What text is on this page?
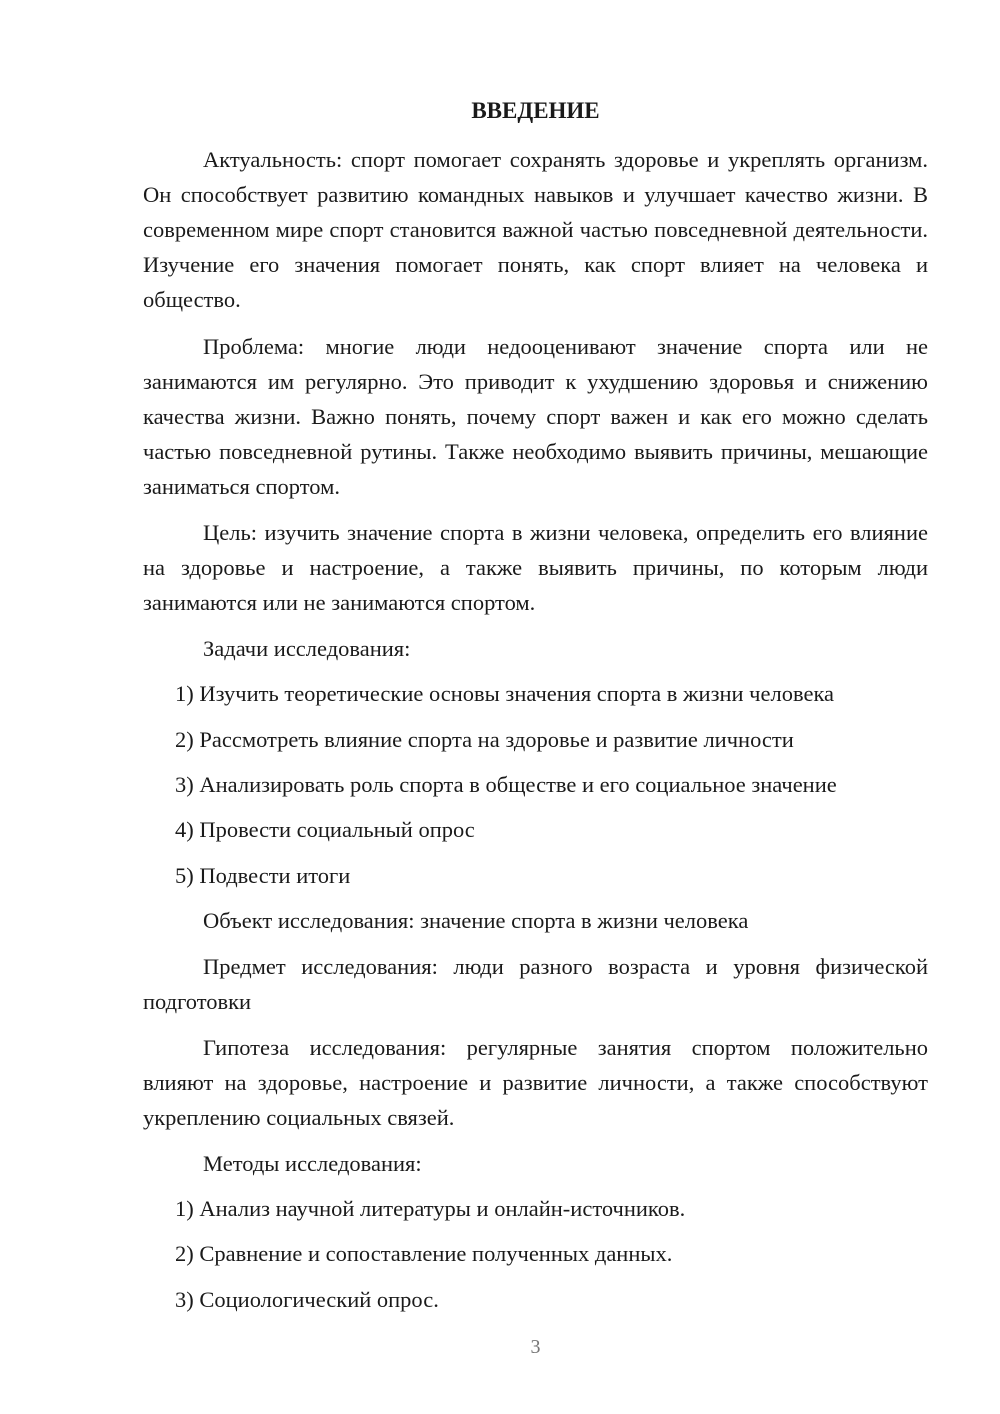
ВВЕДЕНИЕ

Актуальность: спорт помогает сохранять здоровье и укреплять организм. Он способствует развитию командных навыков и улучшает качество жизни. В современном мире спорт становится важной частью повседневной деятельности. Изучение его значения помогает понять, как спорт влияет на человека и общество.

Проблема: многие люди недооценивают значение спорта или не занимаются им регулярно. Это приводит к ухудшению здоровья и снижению качества жизни. Важно понять, почему спорт важен и как его можно сделать частью повседневной рутины. Также необходимо выявить причины, мешающие заниматься спортом.

Цель: изучить значение спорта в жизни человека, определить его влияние на здоровье и настроение, а также выявить причины, по которым люди занимаются или не занимаются спортом.

Задачи исследования:

1) Изучить теоретические основы значения спорта в жизни человека

2) Рассмотреть влияние спорта на здоровье и развитие личности

3) Анализировать роль спорта в обществе и его социальное значение

4) Провести социальный опрос

5) Подвести итоги

Объект исследования: значение спорта в жизни человека

Предмет исследования: люди разного возраста и уровня физической подготовки

Гипотеза исследования: регулярные занятия спортом положительно влияют на здоровье, настроение и развитие личности, а также способствуют укреплению социальных связей.

Методы исследования:

1) Анализ научной литературы и онлайн-источников.

2) Сравнение и сопоставление полученных данных.

3) Социологический опрос.

3
